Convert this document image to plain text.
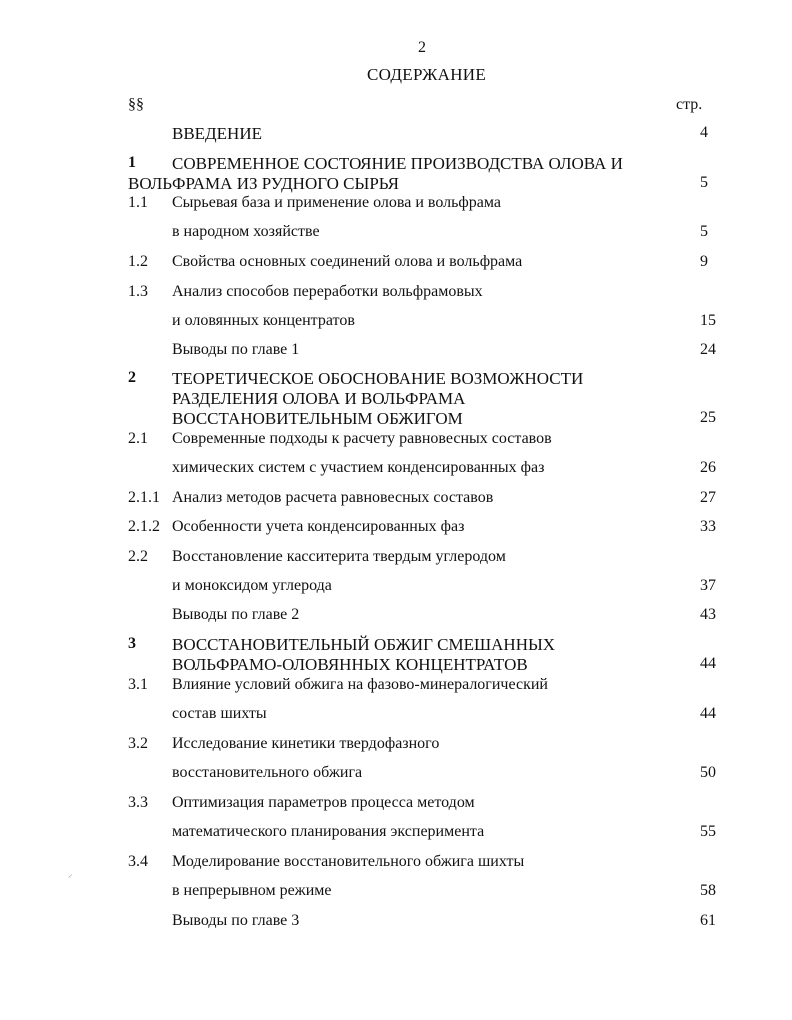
2
СОДЕРЖАНИЕ
§§	стр.
ВВЕДЕНИЕ	4
1 СОВРЕМЕННОЕ СОСТОЯНИЕ ПРОИЗВОДСТВА ОЛОВА И
ВОЛЬФРАМА ИЗ РУДНОГО СЫРЬЯ	5
1.1 Сырьевая база и применение олова и вольфрама
в народном хозяйстве	5
1.2 Свойства основных соединений олова и вольфрама	9
1.3 Анализ способов переработки вольфрамовых
и оловянных концентратов	15
Выводы по главе 1	24
2 ТЕОРЕТИЧЕСКОЕ ОБОСНОВАНИЕ ВОЗМОЖНОСТИ
РАЗДЕЛЕНИЯ ОЛОВА И ВОЛЬФРАМА
ВОССТАНОВИТЕЛЬНЫМ ОБЖИГОМ	25
2.1 Современные подходы к расчету равновесных составов
химических систем с участием конденсированных фаз	26
2.1.1 Анализ методов расчета равновесных составов	27
2.1.2 Особенности учета конденсированных фаз	33
2.2 Восстановление касситерита твердым углеродом
и моноксидом углерода	37
Выводы по главе 2	43
3 ВОССТАНОВИТЕЛЬНЫЙ ОБЖИГ СМЕШАННЫХ
ВОЛЬФРАМО-ОЛОВЯННЫХ КОНЦЕНТРАТОВ	44
3.1 Влияние условий обжига на фазово-минералогический
состав шихты	44
3.2 Исследование кинетики твердофазного
восстановительного обжига	50
3.3 Оптимизация параметров процесса методом
математического планирования эксперимента	55
3.4 Моделирование восстановительного обжига шихты
в непрерывном режиме	58
Выводы по главе 3	61
⸝
